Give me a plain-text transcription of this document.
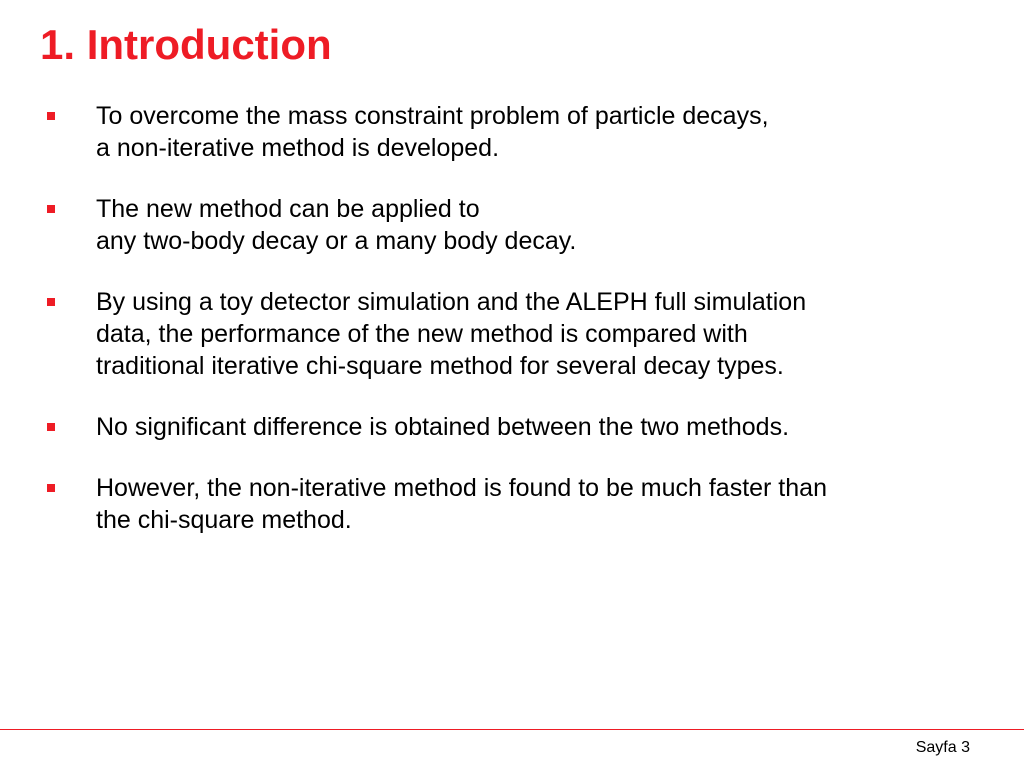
1. Introduction
To overcome the mass constraint problem of particle decays,
a non-iterative method is developed.
The new method can be applied to
any two-body decay or a many body decay.
By using a toy detector simulation and the ALEPH full simulation
data, the performance of the new method is compared with
traditional iterative chi-square method for several decay types.
No significant difference is obtained between the two methods.
However, the non-iterative method is found to be much faster than
the chi-square method.
Sayfa 3
